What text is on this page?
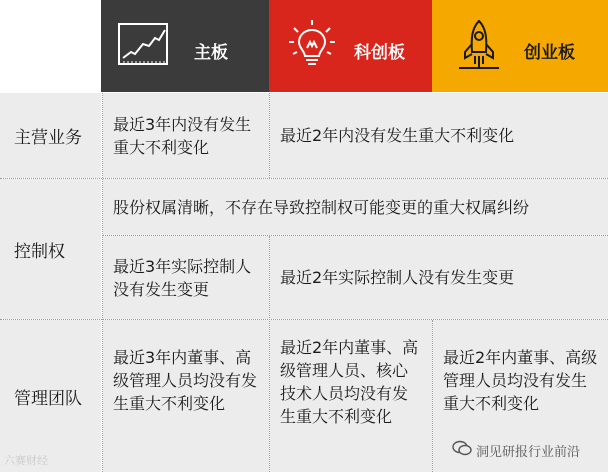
主板	科创板	创业板
主营业务
最近3年内没有发生重大不利变化
最近2年内没有发生重大不利变化
控制权
股份权属清晰，不存在导致控制权可能变更的重大权属纠纷
最近3年实际控制人没有发生变更
最近2年实际控制人没有发生变更
管理团队
最近3年内董事、高级管理人员均没有发生重大不利变化
最近2年内董事、高级管理人员、核心技术人员均没有发生重大不利变化
最近2年内董事、高级管理人员均没有发生重大不利变化
六赛财经
洞见研报行业前沿
